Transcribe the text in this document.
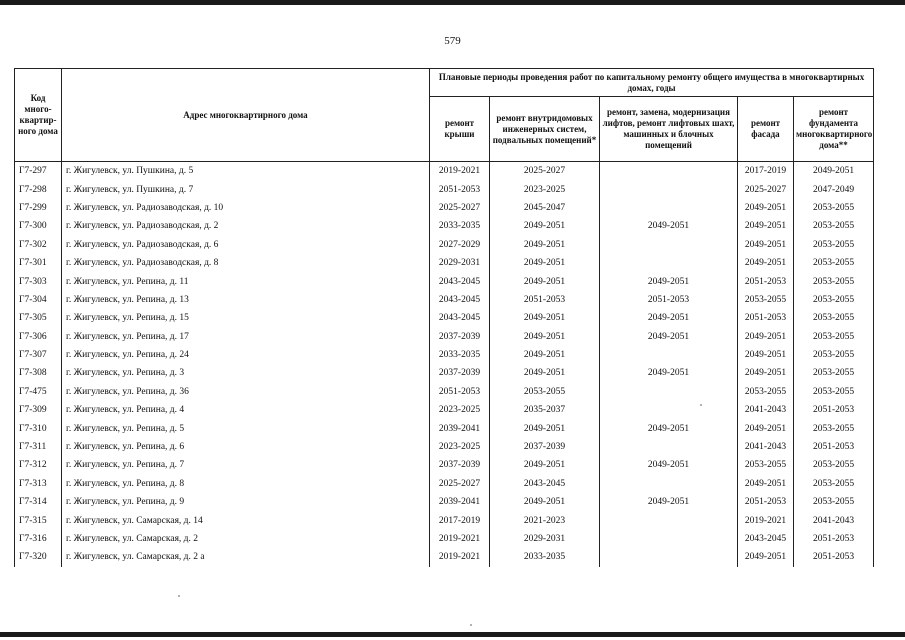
579
Код много-квартир-ного дома	Адрес многоквартирного дома	Плановые периоды проведения работ по капитальному ремонту общего имущества в многоквартирных домах, годы				
		ремонт крыши	ремонт внутридомовых инженерных систем, подвальных помещений*	ремонт, замена, модернизация лифтов, ремонт лифтовых шахт, машинных и блочных помещений	ремонт фасада	ремонт фундамента многоквартирного дома**
Г7-297	г. Жигулевск, ул. Пушкина, д. 5	2019-2021	2025-2027		2017-2019	2049-2051
Г7-298	г. Жигулевск, ул. Пушкина, д. 7	2051-2053	2023-2025		2025-2027	2047-2049
Г7-299	г. Жигулевск, ул. Радиозаводская, д. 10	2025-2027	2045-2047		2049-2051	2053-2055
Г7-300	г. Жигулевск, ул. Радиозаводская, д. 2	2033-2035	2049-2051	2049-2051	2049-2051	2053-2055
Г7-302	г. Жигулевск, ул. Радиозаводская, д. 6	2027-2029	2049-2051		2049-2051	2053-2055
Г7-301	г. Жигулевск, ул. Радиозаводская, д. 8	2029-2031	2049-2051		2049-2051	2053-2055
Г7-303	г. Жигулевск, ул. Репина, д. 11	2043-2045	2049-2051	2049-2051	2051-2053	2053-2055
Г7-304	г. Жигулевск, ул. Репина, д. 13	2043-2045	2051-2053	2051-2053	2053-2055	2053-2055
Г7-305	г. Жигулевск, ул. Репина, д. 15	2043-2045	2049-2051	2049-2051	2051-2053	2053-2055
Г7-306	г. Жигулевск, ул. Репина, д. 17	2037-2039	2049-2051	2049-2051	2049-2051	2053-2055
Г7-307	г. Жигулевск, ул. Репина, д. 24	2033-2035	2049-2051		2049-2051	2053-2055
Г7-308	г. Жигулевск, ул. Репина, д. 3	2037-2039	2049-2051	2049-2051	2049-2051	2053-2055
Г7-475	г. Жигулевск, ул. Репина, д. 36	2051-2053	2053-2055		2053-2055	2053-2055
Г7-309	г. Жигулевск, ул. Репина, д. 4	2023-2025	2035-2037		2041-2043	2051-2053
Г7-310	г. Жигулевск, ул. Репина, д. 5	2039-2041	2049-2051	2049-2051	2049-2051	2053-2055
Г7-311	г. Жигулевск, ул. Репина, д. 6	2023-2025	2037-2039		2041-2043	2051-2053
Г7-312	г. Жигулевск, ул. Репина, д. 7	2037-2039	2049-2051	2049-2051	2053-2055	2053-2055
Г7-313	г. Жигулевск, ул. Репина, д. 8	2025-2027	2043-2045		2049-2051	2053-2055
Г7-314	г. Жигулевск, ул. Репина, д. 9	2039-2041	2049-2051	2049-2051	2051-2053	2053-2055
Г7-315	г. Жигулевск, ул. Самарская, д. 14	2017-2019	2021-2023		2019-2021	2041-2043
Г7-316	г. Жигулевск, ул. Самарская, д. 2	2019-2021	2029-2031		2043-2045	2051-2053
Г7-320	г. Жигулевск, ул. Самарская, д. 2 а	2019-2021	2033-2035		2049-2051	2051-2053
